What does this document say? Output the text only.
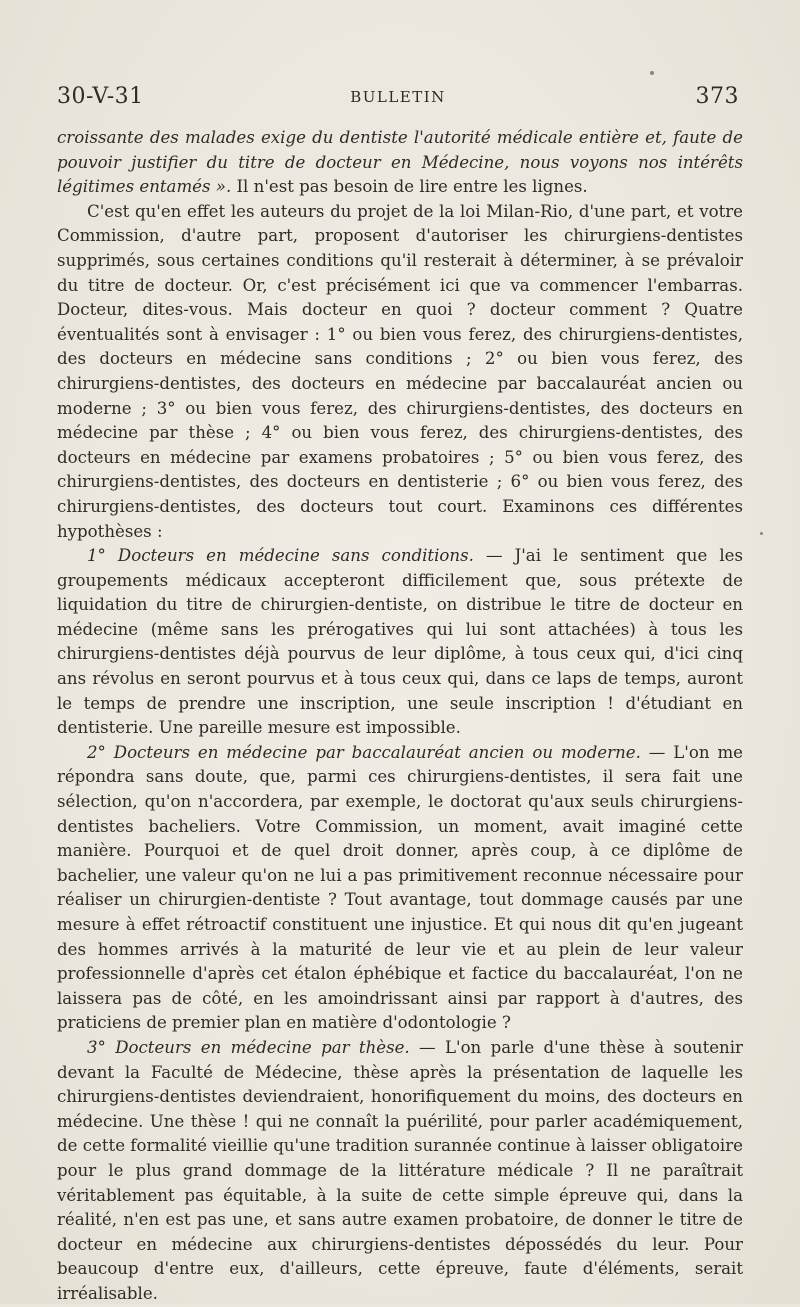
30-V-31	BULLETIN	373

croissante des malades exige du dentiste l'autorité médicale entière et, faute de pouvoir justifier du titre de docteur en Médecine, nous voyons nos intérêts légitimes entamés ». Il n'est pas besoin de lire entre les lignes.

C'est qu'en effet les auteurs du projet de la loi Milan-Rio, d'une part, et votre Commission, d'autre part, proposent d'autoriser les chirurgiens-dentistes supprimés, sous certaines conditions qu'il resterait à déterminer, à se prévaloir du titre de docteur. Or, c'est précisément ici que va commencer l'embarras. Docteur, dites-vous. Mais docteur en quoi ? docteur comment ? Quatre éventualités sont à envisager : 1° ou bien vous ferez, des chirurgiens-dentistes, des docteurs en médecine sans conditions ; 2° ou bien vous ferez, des chirurgiens-dentistes, des docteurs en médecine par baccalauréat ancien ou moderne ; 3° ou bien vous ferez, des chirurgiens-dentistes, des docteurs en médecine par thèse ; 4° ou bien vous ferez, des chirurgiens-dentistes, des docteurs en médecine par examens probatoires ; 5° ou bien vous ferez, des chirurgiens-dentistes, des docteurs en dentisterie ; 6° ou bien vous ferez, des chirurgiens-dentistes, des docteurs tout court. Examinons ces différentes hypothèses :

1° Docteurs en médecine sans conditions. — J'ai le sentiment que les groupements médicaux accepteront difficilement que, sous prétexte de liquidation du titre de chirurgien-dentiste, on distribue le titre de docteur en médecine (même sans les prérogatives qui lui sont attachées) à tous les chirurgiens-dentistes déjà pourvus de leur diplôme, à tous ceux qui, d'ici cinq ans révolus en seront pourvus et à tous ceux qui, dans ce laps de temps, auront le temps de prendre une inscription, une seule inscription ! d'étudiant en dentisterie. Une pareille mesure est impossible.

2° Docteurs en médecine par baccalauréat ancien ou moderne. — L'on me répondra sans doute, que, parmi ces chirurgiens-dentistes, il sera fait une sélection, qu'on n'accordera, par exemple, le doctorat qu'aux seuls chirurgiens-dentistes bacheliers. Votre Commission, un moment, avait imaginé cette manière. Pourquoi et de quel droit donner, après coup, à ce diplôme de bachelier, une valeur qu'on ne lui a pas primitivement reconnue nécessaire pour réaliser un chirurgien-dentiste ? Tout avantage, tout dommage causés par une mesure à effet rétroactif constituent une injustice. Et qui nous dit qu'en jugeant des hommes arrivés à la maturité de leur vie et au plein de leur valeur professionnelle d'après cet étalon éphébique et factice du baccalauréat, l'on ne laissera pas de côté, en les amoindrissant ainsi par rapport à d'autres, des praticiens de premier plan en matière d'odontologie ?

3° Docteurs en médecine par thèse. — L'on parle d'une thèse à soutenir devant la Faculté de Médecine, thèse après la présentation de laquelle les chirurgiens-dentistes deviendraient, honorifiquement du moins, des docteurs en médecine. Une thèse ! qui ne connaît la puérilité, pour parler académiquement, de cette formalité vieillie qu'une tradition surannée continue à laisser obligatoire pour le plus grand dommage de la littérature médicale ? Il ne paraîtrait véritablement pas équitable, à la suite de cette simple épreuve qui, dans la réalité, n'en est pas une, et sans autre examen probatoire, de donner le titre de docteur en médecine aux chirurgiens-dentistes dépossédés du leur. Pour beaucoup d'entre eux, d'ailleurs, cette épreuve, faute d'éléments, serait irréalisable.
